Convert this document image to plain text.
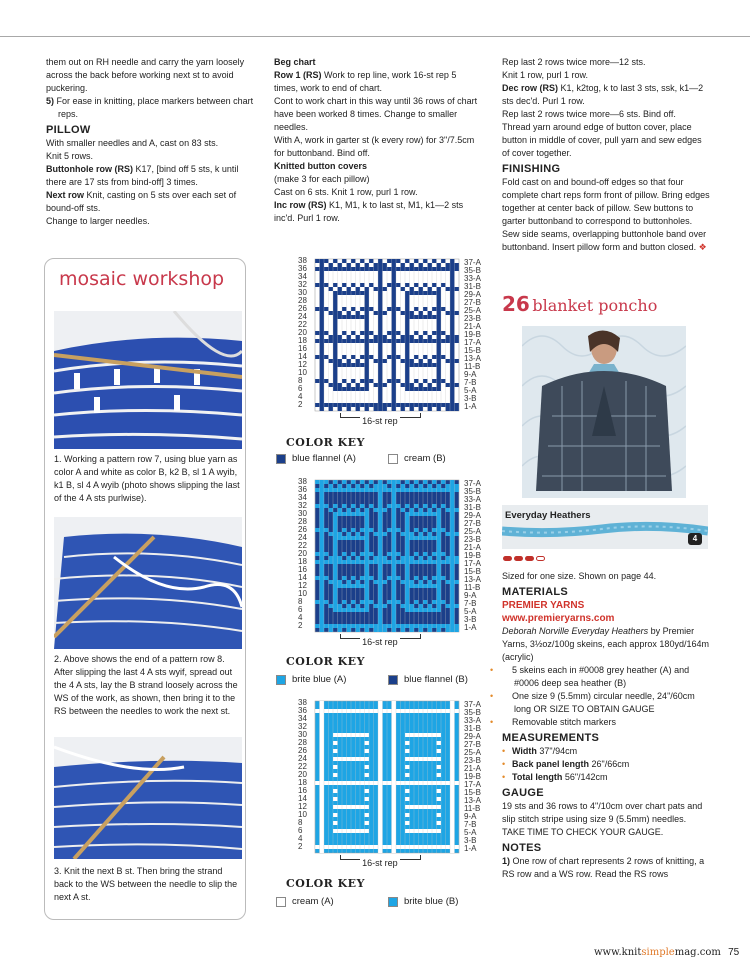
them out on RH needle and carry the yarn loosely across the back before working next st to avoid puckering.

5) For ease in knitting, place markers between chart reps.

PILLOW

With smaller needles and A, cast on 83 sts.

Knit 5 rows.

Buttonhole row (RS) K17, [bind off 5 sts, k until there are 17 sts from bind-off] 3 times.

Next row Knit, casting on 5 sts over each set of bound-off sts.

Change to larger needles.

mosaic workshop
1. Working a pattern row 7, using blue yarn as color A and white as color B, k2 B, sl 1 A wyib, k1 B, sl 4 A wyib (photo shows slipping the last of the 4 A sts purlwise).
2. Above shows the end of a pattern row 8. After slipping the last 4 A sts wyif, spread out the 4 A sts, lay the B strand loosely across the WS of the work, as shown, then bring it to the RS between the needles to work the next st.
3. Knit the next B st. Then bring the strand back to the WS between the needle to slip the next A st.

Beg chart

Row 1 (RS) Work to rep line, work 16-st rep 5 times, work to end of chart.

Cont to work chart in this way until 36 rows of chart have been worked 8 times. Change to smaller needles.

With A, work in garter st (k every row) for 3"/7.5cm for buttonband. Bind off.

Knitted button covers

(make 3 for each pillow)

Cast on 6 sts. Knit 1 row, purl 1 row.

Inc row (RS) K1, M1, k to last st, M1, k1—2 sts inc'd. Purl 1 row.

38
36
34
32
30
28
26
24
22
20
18
16
14
12
10
8
6
4
2
37-A
35-B
33-A
31-B
29-A
27-B
25-A
23-B
21-A
19-B
17-A
15-B
13-A
11-B
9-A
7-B
5-A
3-B
1-A
16-st rep
COLOR KEY
blue flannel (A)	cream (B)
38
36
34
32
30
28
26
24
22
20
18
16
14
12
10
8
6
4
2
37-A
35-B
33-A
31-B
29-A
27-B
25-A
23-B
21-A
19-B
17-A
15-B
13-A
11-B
9-A
7-B
5-A
3-B
1-A
16-st rep
COLOR KEY
brite blue (A)	blue flannel (B)
38
36
34
32
30
28
26
24
22
20
18
16
14
12
10
8
6
4
2
37-A
35-B
33-A
31-B
29-A
27-B
25-A
23-B
21-A
19-B
17-A
15-B
13-A
11-B
9-A
7-B
5-A
3-B
1-A
16-st rep
COLOR KEY
cream (A)	brite blue (B)

Rep last 2 rows twice more—12 sts.

Knit 1 row, purl 1 row.

Dec row (RS) K1, k2tog, k to last 3 sts, ssk, k1—2 sts dec'd. Purl 1 row.

Rep last 2 rows twice more—6 sts. Bind off.

Thread yarn around edge of button cover, place button in middle of cover, pull yarn and sew edges of cover together.

FINISHING

Fold cast on and bound-off edges so that four complete chart reps form front of pillow. Bring edges together at center back of pillow. Sew buttons to garter buttonband to correspond to buttonholes. Sew side seams, overlapping buttonhole band over buttonband. Insert pillow form and button closed. ❖

26 blanket poncho
Everyday Heathers
4

Sized for one size. Shown on page 44.

MATERIALS

PREMIER YARNS

www.premieryarns.com

Deborah Norville Everyday Heathers by Premier Yarns, 3½oz/100g skeins, each approx 180yd/164m (acrylic)

• 5 skeins each in #0008 grey heather (A) and #0006 deep sea heather (B)

• One size 9 (5.5mm) circular needle, 24"/60cm long OR SIZE TO OBTAIN GAUGE

• Removable stitch markers

MEASUREMENTS

• Width 37"/94cm

• Back panel length 26"/66cm

• Total length 56"/142cm

GAUGE

19 sts and 36 rows to 4"/10cm over chart pats and slip stitch stripe using size 9 (5.5mm) needles.

TAKE TIME TO CHECK YOUR GAUGE.

NOTES

1) One row of chart represents 2 rows of knitting, a RS row and a WS row. Read the RS rows

www.knitsimplemag.com 75
